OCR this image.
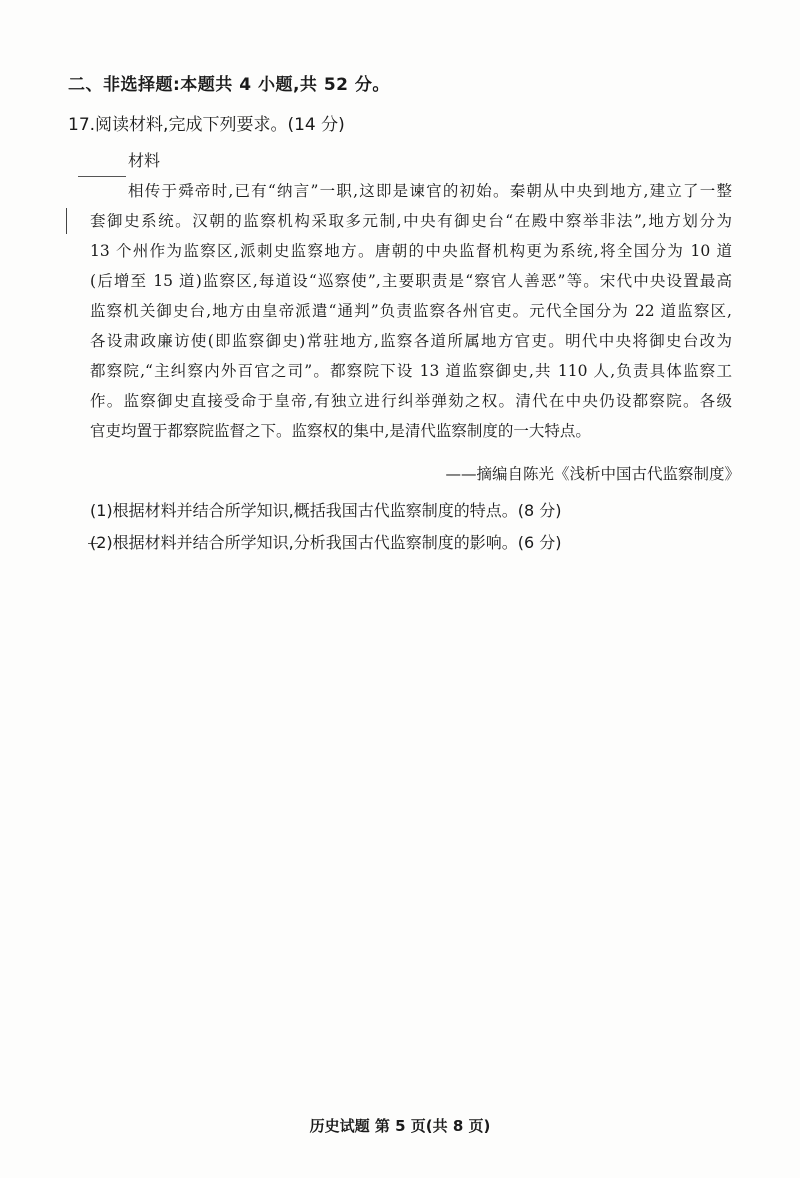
二、非选择题:本题共 4 小题,共 52 分。
17.阅读材料,完成下列要求。(14 分)
材料
相传于舜帝时,已有“纳言”一职,这即是谏官的初始。秦朝从中央到地方,建立了一整
套御史系统。汉朝的监察机构采取多元制,中央有御史台“在殿中察举非法”,地方划分为
13 个州作为监察区,派刺史监察地方。唐朝的中央监督机构更为系统,将全国分为 10 道
(后增至 15 道)监察区,每道设“巡察使”,主要职责是“察官人善恶”等。宋代中央设置最高
监察机关御史台,地方由皇帝派遣“通判”负责监察各州官吏。元代全国分为 22 道监察区,
各设肃政廉访使(即监察御史)常驻地方,监察各道所属地方官吏。明代中央将御史台改为
都察院,“主纠察内外百官之司”。都察院下设 13 道监察御史,共 110 人,负责具体监察工
作。监察御史直接受命于皇帝,有独立进行纠举弹劾之权。清代在中央仍设都察院。各级
官吏均置于都察院监督之下。监察权的集中,是清代监察制度的一大特点。
——摘编自陈光《浅析中国古代监察制度》
(1)根据材料并结合所学知识,概括我国古代监察制度的特点。(8 分)
(2)根据材料并结合所学知识,分析我国古代监察制度的影响。(6 分)
历史试题 第 5 页(共 8 页)
